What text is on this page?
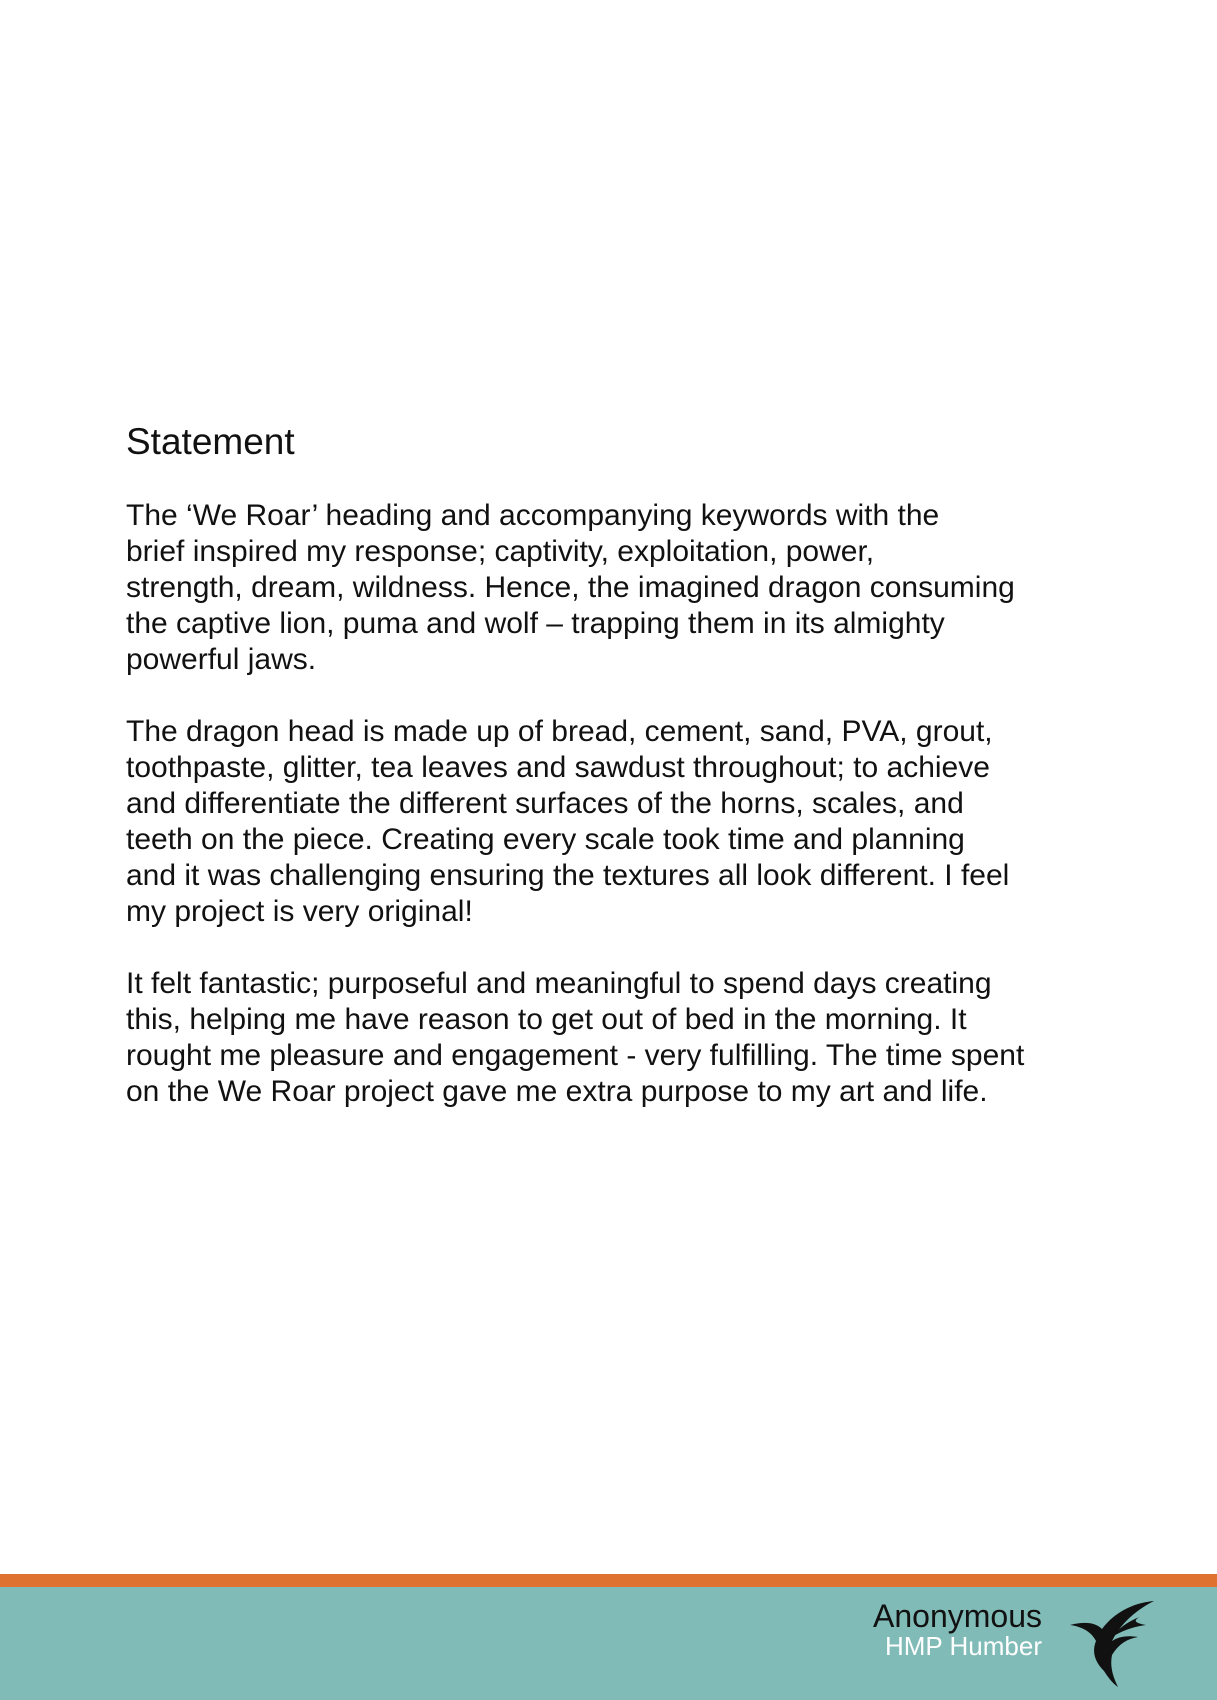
Statement

The ‘We Roar’ heading and accompanying keywords with the
brief inspired my response; captivity, exploitation, power,
strength, dream, wildness. Hence, the imagined dragon consuming
the captive lion, puma and wolf – trapping them in its almighty
powerful jaws.

The dragon head is made up of bread, cement, sand, PVA, grout,
toothpaste, glitter, tea leaves and sawdust throughout; to achieve
and differentiate the different surfaces of the horns, scales, and
teeth on the piece. Creating every scale took time and planning
and it was challenging ensuring the textures all look different. I feel
my project is very original!

It felt fantastic; purposeful and meaningful to spend days creating
this, helping me have reason to get out of bed in the morning. It
rought me pleasure and engagement - very fulfilling. The time spent
on the We Roar project gave me extra purpose to my art and life.

Anonymous
HMP Humber
